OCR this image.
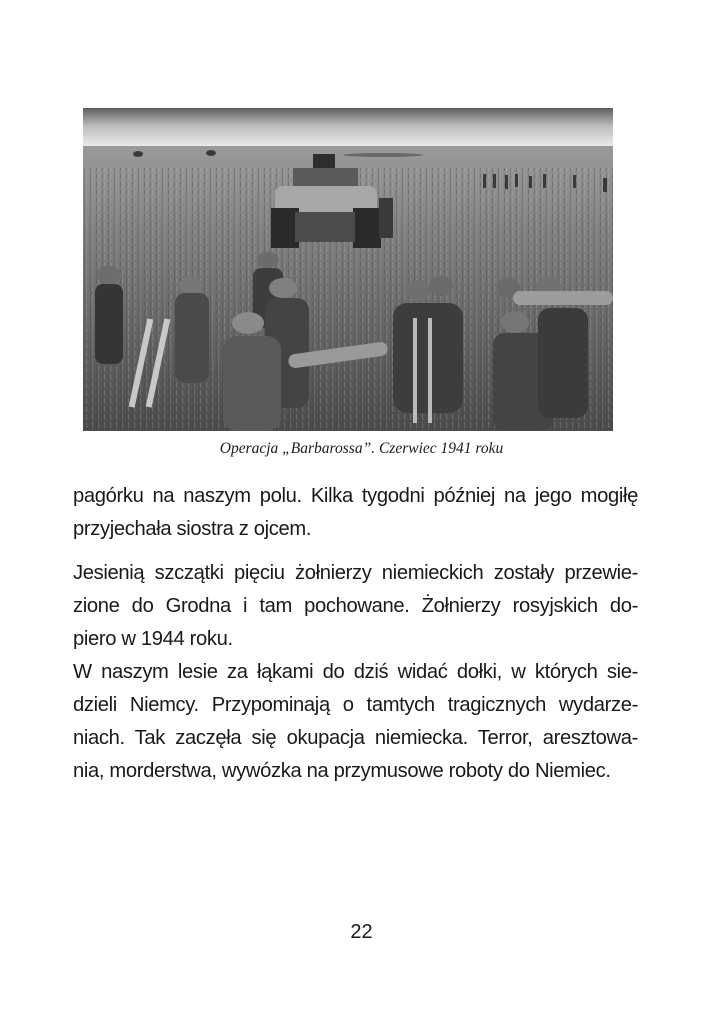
Operacja „Barbarossa”. Czerwiec 1941 roku
pagórku na naszym polu. Kilka tygodni później na jego mogiłę
przyjechała siostra z ojcem.
Jesienią szczątki pięciu żołnierzy niemieckich zostały przewie-
zione do Grodna i tam pochowane. Żołnierzy rosyjskich do-
piero w 1944 roku.
W naszym lesie za łąkami do dziś widać dołki, w których sie-
dzieli Niemcy. Przypominają o tamtych tragicznych wydarze-
niach. Tak zaczęła się okupacja niemiecka. Terror, aresztowa-
nia, morderstwa, wywózka na przymusowe roboty do Niemiec.
22
